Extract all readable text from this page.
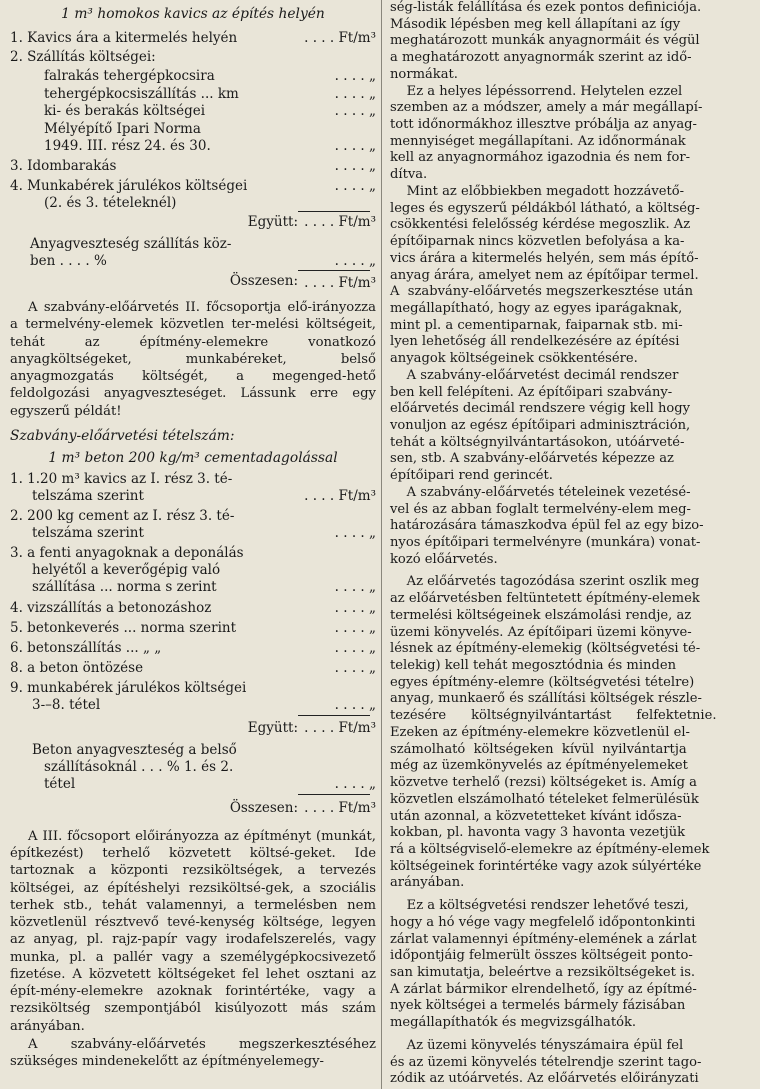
1 m³ homokos kavics az építés helyén

1. Kavics ára a kitermelés helyén	. . . . Ft/m³
2. Szállítás költségei:
falrakás tehergépkocsira	. . . . „
tehergépkocsiszállítás ... km	. . . . „
ki- és berakás költségei	. . . . „
Mélyépítő Ipari Norma
1949. III. rész 24. és 30.	. . . . „
3. Idombarakás	. . . . „
4. Munkabérek járulékos költségei
(2. és 3. tételeknél)
. . . . „
Együtt: . . . . Ft/m³
Anyagveszteség szállítás köz-
ben . . . . %	. . . . „
Összesen: . . . . Ft/m³

A szabvány-előárvetés II. főcsoportja elő-irányozza a termelvény-elemek közvetlen ter-melési költségeit, tehát az építmény-elemekre vonatkozó anyagköltségeket, munkabéreket, belső anyagmozgatás költségét, a megenged-hető feldolgozási anyagveszteséget. Lássunk erre egy egyszerű példát!

Szabvány-előárvetési tételszám:

1 m³ beton 200 kg/m³ cementadagolással

1. 1.20 m³ kavics az I. rész 3. té-
telszáma szerint	. . . . Ft/m³
2. 200 kg cement az I. rész 3. té-
telszáma szerint	. . . . „
3. a fenti anyagoknak a deponálás
helyétől a keverőgépig való
szállítása ... norma s zerint	. . . . „
4. vizszállítás a betonozáshoz	. . . . „
5. betonkeverés ... norma szerint	. . . . „
6. betonszállítás ... „ „	. . . . „
8. a beton öntözése	. . . . „
9. munkabérek járulékos költségei
3-–8. tétel	. . . . „
Együtt: . . . . Ft/m³
Beton anyagveszteség a belső
szállításoknál . . . % 1. és 2.
tétel	. . . . „
Összesen: . . . . Ft/m³

A III. főcsoport előirányozza az építményt (munkát, építkezést) terhelő közvetett költsé-geket. Ide tartoznak a központi rezsiköltségek, a tervezés költségei, az építéshelyi rezsiköltsé-gek, a szociális terhek stb., tehát valamennyi, a termelésben nem közvetlenül résztvevő tevé-kenység költsége, legyen az anyag, pl. rajz-papír vagy irodafelszerelés, vagy munka, pl. a pallér vagy a személygépkocsivezető fizetése. A közvetett költségeket fel lehet osztani az épít-mény-elemekre azoknak forintértéke, vagy a rezsiköltség szempontjából kisúlyozott más szám arányában.

A szabvány-előárvetés megszerkesztéséhez szükséges mindenekelőtt az építményelemegy-

ség-listák felállítása és ezek pontos definiciója.
Második lépésben meg kell állapítani az így
meghatározott munkák anyagnormáit és végül
a meghatározott anyagnormák szerint az idő-
normákat.
Ez a helyes lépéssorrend. Helytelen ezzel
szemben az a módszer, amely a már megállapí-
tott időnormákhoz illesztve próbálja az anyag-
mennyiséget megállapítani. Az időnormának
kell az anyagnormához igazodnia és nem for-
dítva.
Mint az előbbiekben megadott hozzávető-
leges és egyszerű példákból látható, a költség-
csökkentési felelősség kérdése megoszlik. Az
építőiparnak nincs közvetlen befolyása a ka-
vics árára a kitermelés helyén, sem más építő-
anyag árára, amelyet nem az építőipar termel.
A  szabvány-előárvetés megszerkesztése után
megállapítható, hogy az egyes iparágaknak,
mint pl. a cementiparnak, faiparnak stb. mi-
lyen lehetőség áll rendelkezésére az építési
anyagok költségeinek csökkentésére.
A szabvány-előárvetést decimál rendszer
ben kell felépíteni. Az építőipari szabvány-
előárvetés decimál rendszere végig kell hogy
vonuljon az egész építőipari adminisztráción,
tehát a költségnyilvántartásokon, utóárveté-
sen, stb. A szabvány-előárvetés képezze az
építőipari rend gerincét.
A szabvány-előárvetés tételeinek vezetésé-
vel és az abban foglalt termelvény-elem meg-
határozására támaszkodva épül fel az egy bizo-
nyos építőipari termelvényre (munkára) vonat-
kozó előárvetés.
Az előárvetés tagozódása szerint oszlik meg
az előárvetésben feltüntetett építmény-elemek
termelési költségeinek elszámolási rendje, az
üzemi könyvelés. Az építőipari üzemi könyve-
lésnek az építmény-elemekig (költségvetési té-
telekig) kell tehát megosztódnia és minden
egyes építmény-elemre (költségvetési tételre)
anyag, munkaerő és szállítási költségek részle-
tezésére      költségnyilvántartást      felfektetnie.
Ezeken az építmény-elemekre közvetlenül el-
számolható  költségeken  kívül  nyilvántartja
még az üzemkönyvelés az építményelemeket
közvetve terhelő (rezsi) költségeket is. Amíg a
közvetlen elszámolható tételeket felmerülésük
után azonnal, a közvetetteket kívánt idősza-
kokban, pl. havonta vagy 3 havonta vezetjük
rá a költségviselő-elemekre az építmény-elemek
költségeinek forintértéke vagy azok súlyértéke
arányában.
Ez a költségvetési rendszer lehetővé teszi,
hogy a hó vége vagy megfelelő időpontonkinti
zárlat valamennyi építmény-elemének a zárlat
időpontjáig felmerült összes költségeit ponto-
san kimutatja, beleértve a rezsiköltségeket is.
A zárlat bármikor elrendelhető, így az építmé-
nyek költségei a termelés bármely fázisában
megállapíthatók és megvizsgálhatók.
Az üzemi könyvelés tényszámaira épül fel
és az üzemi könyvelés tételrendje szerint tago-
zódik az utóárvetés. Az előárvetés előirányzati
